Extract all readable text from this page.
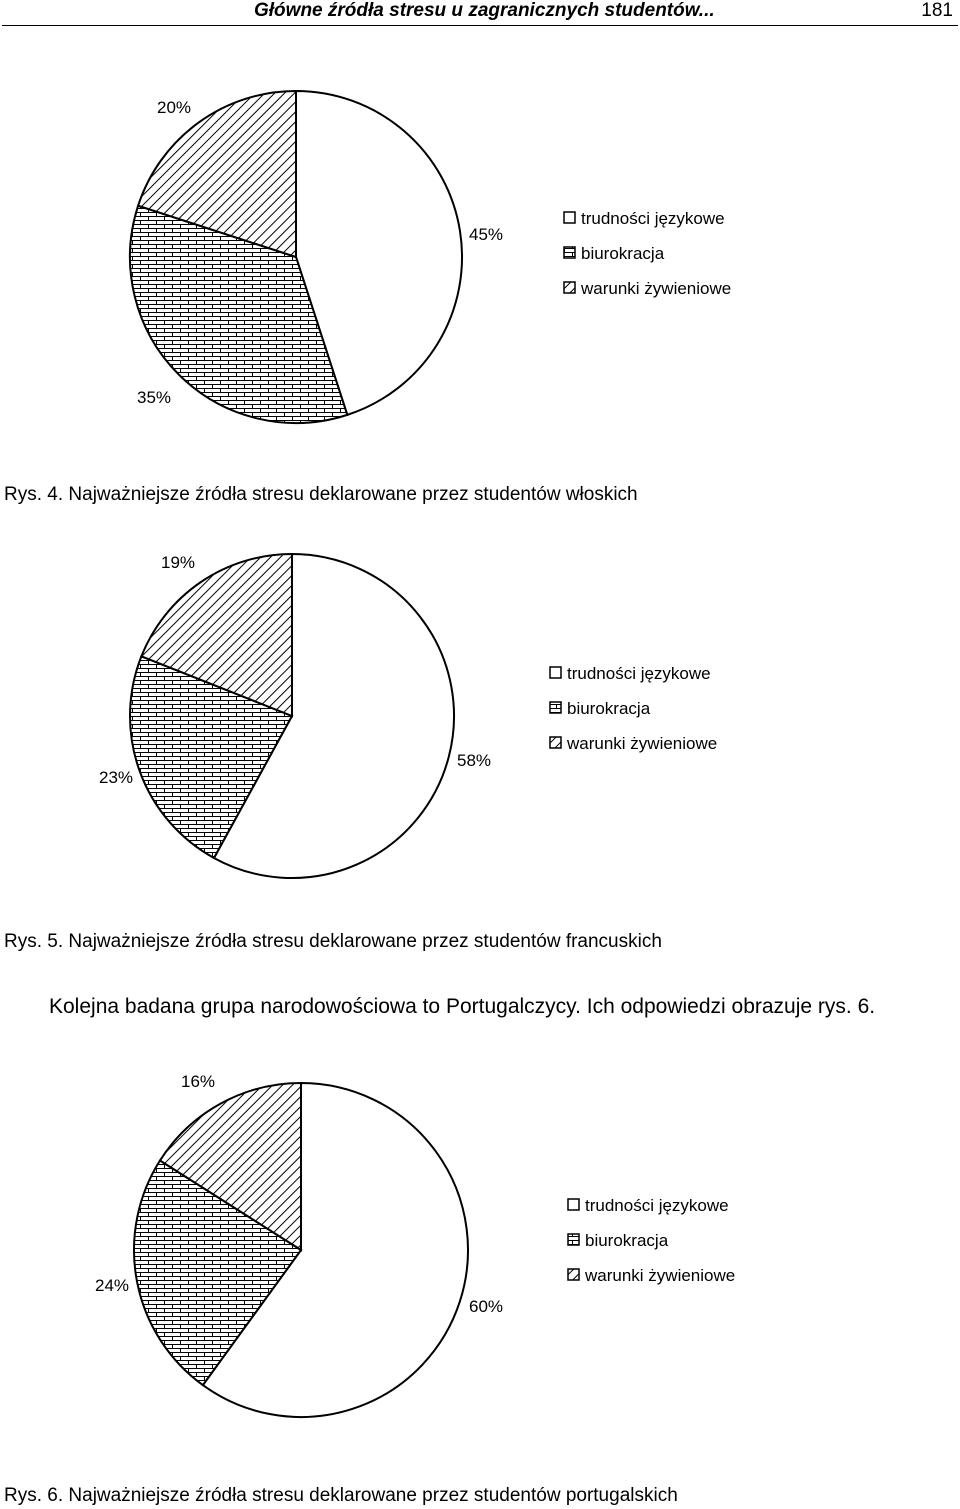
Główne źródła stresu u zagranicznych studentów...	181
45%
35%
20%
trudności językowe
biurokracja
warunki żywieniowe
Rys. 4. Najważniejsze źródła stresu deklarowane przez studentów włoskich
58%
23%
19%
trudności językowe
biurokracja
warunki żywieniowe
Rys. 5. Najważniejsze źródła stresu deklarowane przez studentów francuskich
Kolejna badana grupa narodowościowa to Portugalczycy. Ich odpowiedzi obrazuje rys. 6.
60%
24%
16%
trudności językowe
biurokracja
warunki żywieniowe
Rys. 6. Najważniejsze źródła stresu deklarowane przez studentów portugalskich
